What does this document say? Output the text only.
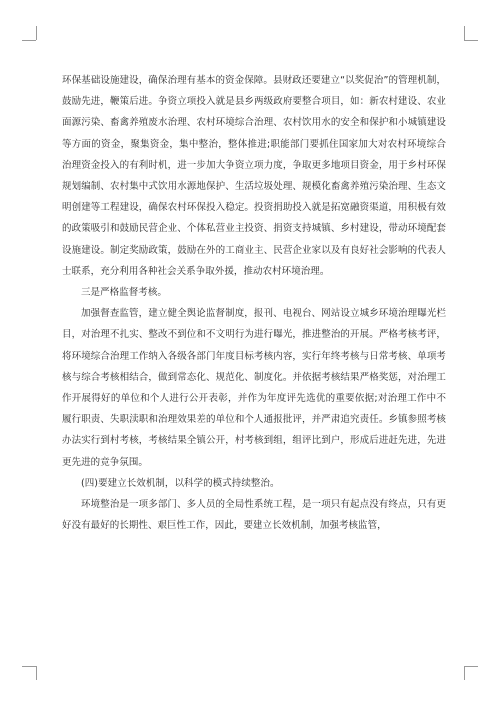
环保基础设施建设，确保治理有基本的资金保障。县财政还要建立“以奖促治”的管理机制，鼓励先进，鞭策后进。争资立项投入就是县乡两级政府要整合项目，如：新农村建设、农业面源污染、畜禽养殖废水治理、农村环境综合治理、农村饮用水的安全和保护和小城镇建设等方面的资金，聚集资金，集中整治，整体推进;职能部门要抓住国家加大对农村环境综合治理资金投入的有利时机，进一步加大争资立项力度，争取更多地项目资金，用于乡村环保规划编制、农村集中式饮用水源地保护、生活垃圾处理、规模化畜禽养殖污染治理、生态文明创建等工程建设，确保农村环保投入稳定。投资捐助投入就是拓宽融资渠道，用积极有效的政策吸引和鼓励民营企业、个体私营业主投资、捐资支持城镇、乡村建设，带动环境配套设施建设。制定奖励政策，鼓励在外的工商业主、民营企业家以及有良好社会影响的代表人士联系，充分利用各种社会关系争取外援，推动农村环境治理。

三是严格监督考核。

加强督查监管，建立健全舆论监督制度，报刊、电视台、网站设立城乡环境治理曝光栏目，对治理不扎实、整改不到位和不文明行为进行曝光，推进整治的开展。严格考核考评，将环境综合治理工作纳入各级各部门年度目标考核内容，实行年终考核与日常考核、单项考核与综合考核相结合，做到常态化、规范化、制度化。并依据考核结果严格奖惩，对治理工作开展得好的单位和个人进行公开表彰，并作为年度评先选优的重要依据;对治理工作中不履行职责、失职渎职和治理效果差的单位和个人通报批评，并严肃追究责任。乡镇参照考核办法实行到村考核，考核结果全镇公开，村考核到组，组评比到户，形成后进赶先进，先进更先进的竞争氛围。

(四)要建立长效机制，以科学的模式持续整治。

环境整治是一项多部门、多人员的全局性系统工程，是一项只有起点没有终点，只有更好没有最好的长期性、艰巨性工作，因此，要建立长效机制，加强考核监管，
